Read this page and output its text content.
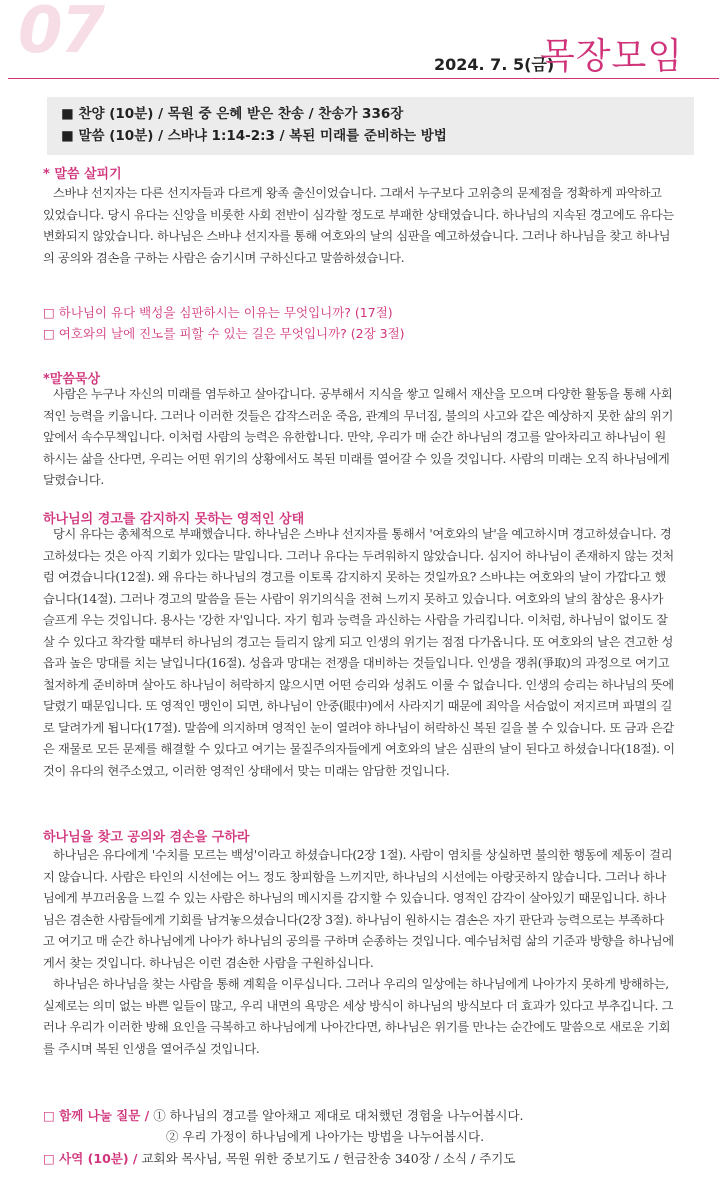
07	2024. 7. 5(금)
목장모임
■ 찬양 (10분) / 목원 중 은혜 받은 찬송 / 찬송가 336장
■ 말씀 (10분) / 스바냐 1:14-2:3 / 복된 미래를 준비하는 방법
* 말씀 살피기

스바냐 선지자는 다른 선지자들과 다르게 왕족 출신이었습니다. 그래서 누구보다 고위층의 문제점을 정확하게 파악하고 있었습니다. 당시 유다는 신앙을 비롯한 사회 전반이 심각할 정도로 부패한 상태였습니다. 하나님의 지속된 경고에도 유다는 변화되지 않았습니다. 하나님은 스바냐 선지자를 통해 여호와의 날의 심판을 예고하셨습니다. 그러나 하나님을 찾고 하나님의 공의와 겸손을 구하는 사람은 숨기시며 구하신다고 말씀하셨습니다.

□ 하나님이 유다 백성을 심판하시는 이유는 무엇입니까? (17절)
□ 여호와의 날에 진노를 피할 수 있는 길은 무엇입니까? (2장 3절)
*말씀묵상

사람은 누구나 자신의 미래를 염두하고 살아갑니다. 공부해서 지식을 쌓고 일해서 재산을 모으며 다양한 활동을 통해 사회적인 능력을 키웁니다. 그러나 이러한 것들은 갑작스러운 죽음, 관계의 무너짐, 불의의 사고와 같은 예상하지 못한 삶의 위기 앞에서 속수무책입니다. 이처럼 사람의 능력은 유한합니다. 만약, 우리가 매 순간 하나님의 경고를 알아차리고 하나님이 원하시는 삶을 산다면, 우리는 어떤 위기의 상황에서도 복된 미래를 열어갈 수 있을 것입니다. 사람의 미래는 오직 하나님에게 달렸습니다.

하나님의 경고를 감지하지 못하는 영적인 상태

당시 유다는 총체적으로 부패했습니다. 하나님은 스바냐 선지자를 통해서 '여호와의 날'을 예고하시며 경고하셨습니다. 경고하셨다는 것은 아직 기회가 있다는 말입니다. 그러나 유다는 두려워하지 않았습니다. 심지어 하나님이 존재하지 않는 것처럼 여겼습니다(12절). 왜 유다는 하나님의 경고를 이토록 감지하지 못하는 것일까요? 스바냐는 여호와의 날이 가깝다고 했습니다(14절). 그러나 경고의 말씀을 듣는 사람이 위기의식을 전혀 느끼지 못하고 있습니다. 여호와의 날의 참상은 용사가 슬프게 우는 것입니다. 용사는 '강한 자'입니다. 자기 힘과 능력을 과신하는 사람을 가리킵니다. 이처럼, 하나님이 없이도 잘 살 수 있다고 착각할 때부터 하나님의 경고는 들리지 않게 되고 인생의 위기는 점점 다가옵니다. 또 여호와의 날은 견고한 성읍과 높은 망대를 치는 날입니다(16절). 성읍과 망대는 전쟁을 대비하는 것들입니다. 인생을 쟁취(爭取)의 과정으로 여기고 철저하게 준비하며 살아도 하나님이 허락하지 않으시면 어떤 승리와 성취도 이룰 수 없습니다. 인생의 승리는 하나님의 뜻에 달렸기 때문입니다. 또 영적인 맹인이 되면, 하나님이 안중(眼中)에서 사라지기 때문에 죄악을 서슴없이 저지르며 파멸의 길로 달려가게 됩니다(17절). 말씀에 의지하며 영적인 눈이 열려야 하나님이 허락하신 복된 길을 볼 수 있습니다. 또 금과 은같은 재물로 모든 문제를 해결할 수 있다고 여기는 물질주의자들에게 여호와의 날은 심판의 날이 된다고 하셨습니다(18절). 이것이 유다의 현주소였고, 이러한 영적인 상태에서 맞는 미래는 암담한 것입니다.

하나님을 찾고 공의와 겸손을 구하라

하나님은 유다에게 '수치를 모르는 백성'이라고 하셨습니다(2장 1절). 사람이 염치를 상실하면 불의한 행동에 제동이 걸리지 않습니다. 사람은 타인의 시선에는 어느 정도 창피함을 느끼지만, 하나님의 시선에는 아랑곳하지 않습니다. 그러나 하나님에게 부끄러움을 느낄 수 있는 사람은 하나님의 메시지를 감지할 수 있습니다. 영적인 감각이 살아있기 때문입니다. 하나님은 겸손한 사람들에게 기회를 남겨놓으셨습니다(2장 3절). 하나님이 원하시는 겸손은 자기 판단과 능력으로는 부족하다고 여기고 매 순간 하나님에게 나아가 하나님의 공의를 구하며 순종하는 것입니다. 예수님처럼 삶의 기준과 방향을 하나님에게서 찾는 것입니다. 하나님은 이런 겸손한 사람을 구원하십니다.

하나님은 하나님을 찾는 사람을 통해 계획을 이루십니다. 그러나 우리의 일상에는 하나님에게 나아가지 못하게 방해하는, 실제로는 의미 없는 바쁜 일들이 많고, 우리 내면의 욕망은 세상 방식이 하나님의 방식보다 더 효과가 있다고 부추깁니다. 그러나 우리가 이러한 방해 요인을 극복하고 하나님에게 나아간다면, 하나님은 위기를 만나는 순간에도 말씀으로 새로운 기회를 주시며 복된 인생을 열어주실 것입니다.

□ 함께 나눌 질문 / ① 하나님의 경고를 알아채고 제대로 대처했던 경험을 나누어봅시다.
② 우리 가정이 하나님에게 나아가는 방법을 나누어봅시다.
□ 사역 (10분) / 교회와 목사님, 목원 위한 중보기도 / 헌금찬송 340장 / 소식 / 주기도
